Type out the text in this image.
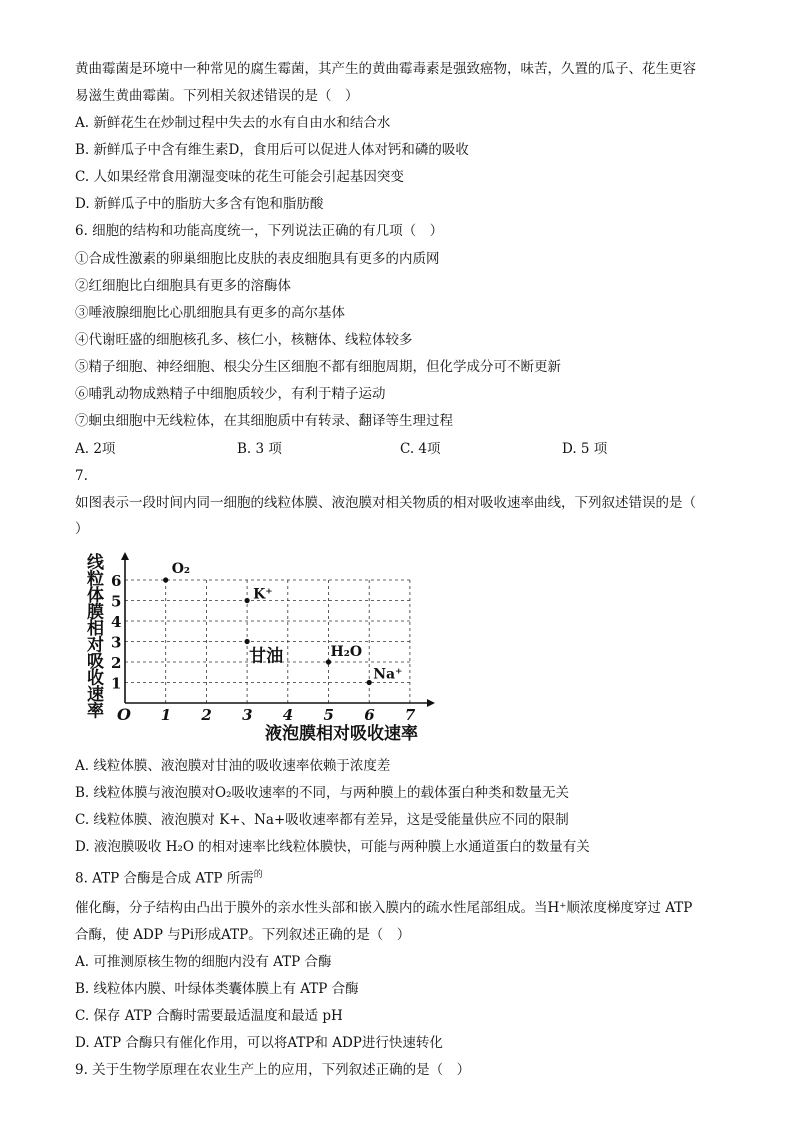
黄曲霉菌是环境中一种常见的腐生霉菌，其产生的黄曲霉毒素是强致癌物，味苦，久置的瓜子、花生更容
易滋生黄曲霉菌。下列相关叙述错误的是（　）
A. 新鲜花生在炒制过程中失去的水有自由水和结合水
B. 新鲜瓜子中含有维生素D，食用后可以促进人体对钙和磷的吸收
C. 人如果经常食用潮湿变味的花生可能会引起基因突变
D. 新鲜瓜子中的脂肪大多含有饱和脂肪酸
6. 细胞的结构和功能高度统一，下列说法正确的有几项（　）
①合成性激素的卵巢细胞比皮肤的表皮细胞具有更多的内质网
②红细胞比白细胞具有更多的溶酶体
③唾液腺细胞比心肌细胞具有更多的高尔基体
④代谢旺盛的细胞核孔多、核仁小，核糖体、线粒体较多
⑤精子细胞、神经细胞、根尖分生区细胞不都有细胞周期，但化学成分可不断更新
⑥哺乳动物成熟精子中细胞质较少，有利于精子运动
⑦蛔虫细胞中无线粒体，在其细胞质中有转录、翻译等生理过程
A. 2项	B. 3 项	C. 4项	D. 5 项
7.
如图表示一段时间内同一细胞的线粒体膜、液泡膜对相关物质的相对吸收速率曲线，下列叙述错误的是（
）
1 2 3 4 5 6 7
1
2
3
4
5
6
O₂
K⁺
甘油	H₂O
Na⁺
O
液泡膜相对吸收速率
线粒体膜相对吸收速率
A. 线粒体膜、液泡膜对甘油的吸收速率依赖于浓度差
B. 线粒体膜与液泡膜对O₂吸收速率的不同，与两种膜上的载体蛋白种类和数量无关
C. 线粒体膜、液泡膜对 K+、Na+吸收速率都有差异，这是受能量供应不同的限制
D. 液泡膜吸收 H₂O 的相对速率比线粒体膜快，可能与两种膜上水通道蛋白的数量有关
8. ATP 合酶是合成 ATP 所需$^的$
催化酶，分子结构由凸出于膜外的亲水性头部和嵌入膜内的疏水性尾部组成。当H⁺顺浓度梯度穿过 ATP
合酶，使 ADP 与Pi形成ATP。下列叙述正确的是（　）
A. 可推测原核生物的细胞内没有 ATP 合酶
B. 线粒体内膜、叶绿体类囊体膜上有 ATP 合酶
C. 保存 ATP 合酶时需要最适温度和最适 pH
D. ATP 合酶只有催化作用，可以将ATP和 ADP进行快速转化
9. 关于生物学原理在农业生产上的应用，下列叙述正确的是（　）
